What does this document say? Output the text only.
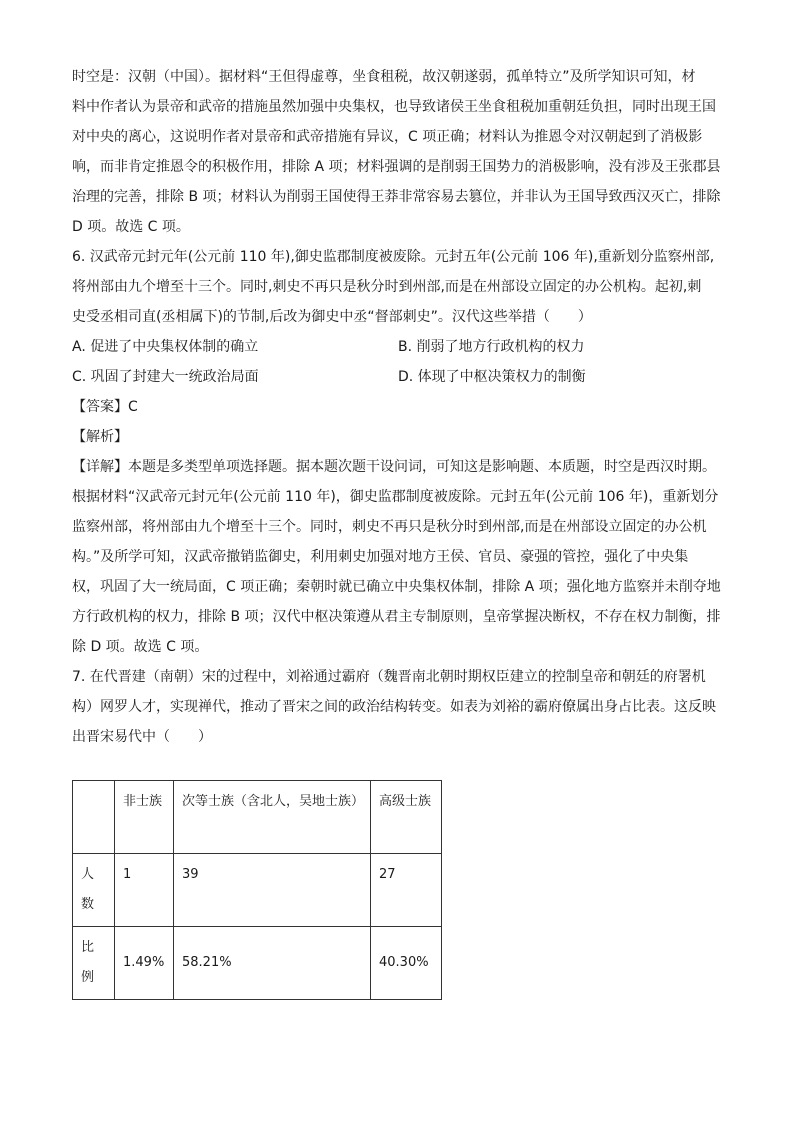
时空是：汉朝（中国）。据材料“王但得虚尊，坐食租税，故汉朝遂弱，孤单特立”及所学知识可知，材

料中作者认为景帝和武帝的措施虽然加强中央集权，也导致诸侯王坐食租税加重朝廷负担，同时出现王国

对中央的离心，这说明作者对景帝和武帝措施有异议，C 项正确；材料认为推恩令对汉朝起到了消极影

响，而非肯定推恩令的积极作用，排除 A 项；材料强调的是削弱王国势力的消极影响，没有涉及王张郡县

治理的完善，排除 B 项；材料认为削弱王国使得王莽非常容易去篡位，并非认为王国导致西汉灭亡，排除

D 项。故选 C 项。

6. 汉武帝元封元年(公元前 110 年),御史监郡制度被废除。元封五年(公元前 106 年),重新划分监察州部,

将州部由九个增至十三个。同时,刺史不再只是秋分时到州部,而是在州部设立固定的办公机构。起初,刺

史受丞相司直(丞相属下)的节制,后改为御史中丞“督部刺史”。汉代这些举措（　　）

A. 促进了中央集权体制的确立	B. 削弱了地方行政机构的权力
C. 巩固了封建大一统政治局面	D. 体现了中枢决策权力的制衡

【答案】C

【解析】

【详解】本题是多类型单项选择题。据本题次题干设问词，可知这是影响题、本质题，时空是西汉时期。

根据材料“汉武帝元封元年(公元前 110 年)，御史监郡制度被废除。元封五年(公元前 106 年)，重新划分

监察州部，将州部由九个增至十三个。同时，刺史不再只是秋分时到州部,而是在州部设立固定的办公机

构。”及所学可知，汉武帝撤销监御史，利用刺史加强对地方王侯、官员、豪强的管控，强化了中央集

权，巩固了大一统局面，C 项正确；秦朝时就已确立中央集权体制，排除 A 项；强化地方监察并未削夺地

方行政机构的权力，排除 B 项；汉代中枢决策遵从君主专制原则，皇帝掌握决断权，不存在权力制衡，排

除 D 项。故选 C 项。

7. 在代晋建（南朝）宋的过程中，刘裕通过霸府（魏晋南北朝时期权臣建立的控制皇帝和朝廷的府署机

构）网罗人才，实现禅代，推动了晋宋之间的政治结构转变。如表为刘裕的霸府僚属出身占比表。这反映

出晋宋易代中（　　）

	非士族	次等士族（含北人，吴地士族）	高级士族
人数	1	39	27
比例	1.49%	58.21%	40.30%
